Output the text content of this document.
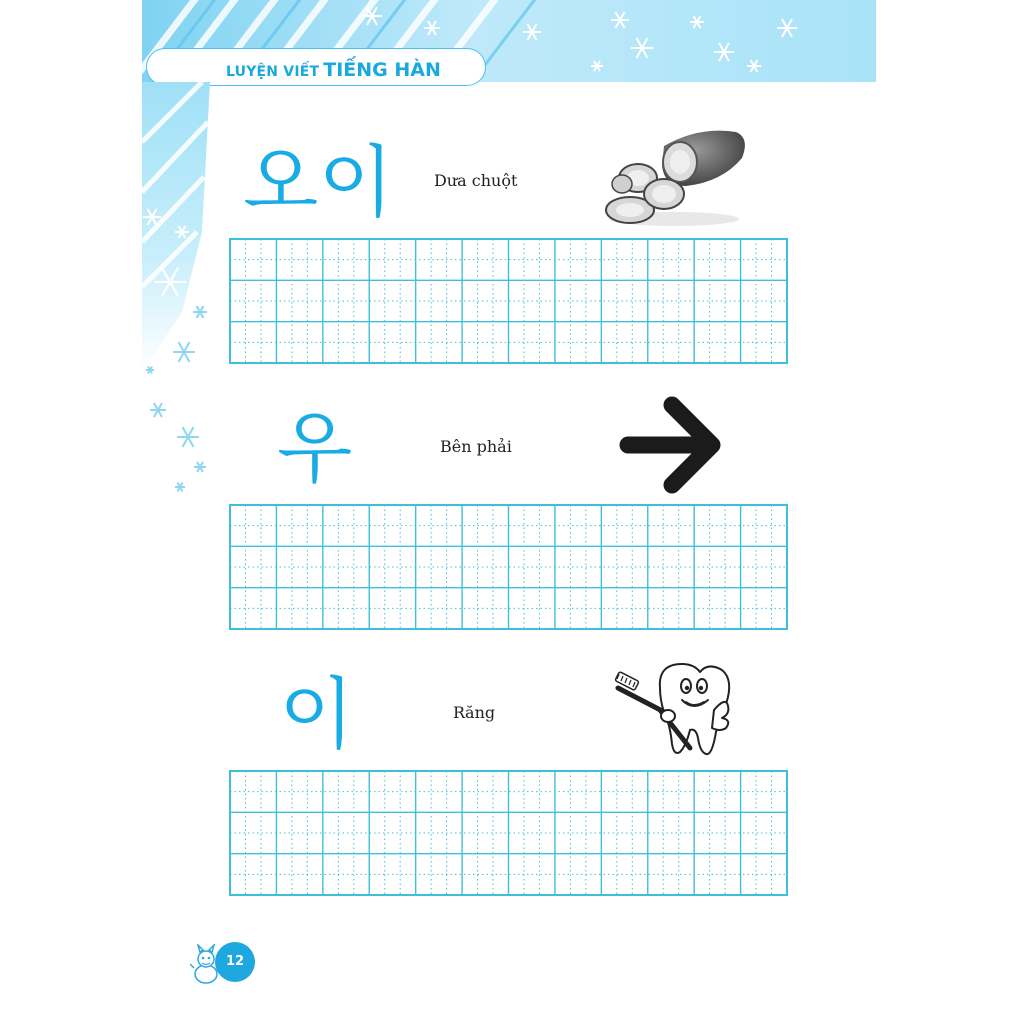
LUYỆN VIẾT TIẾNG HÀN
오이	Dưa chuột
우	Bên phải
이	Răng
12
